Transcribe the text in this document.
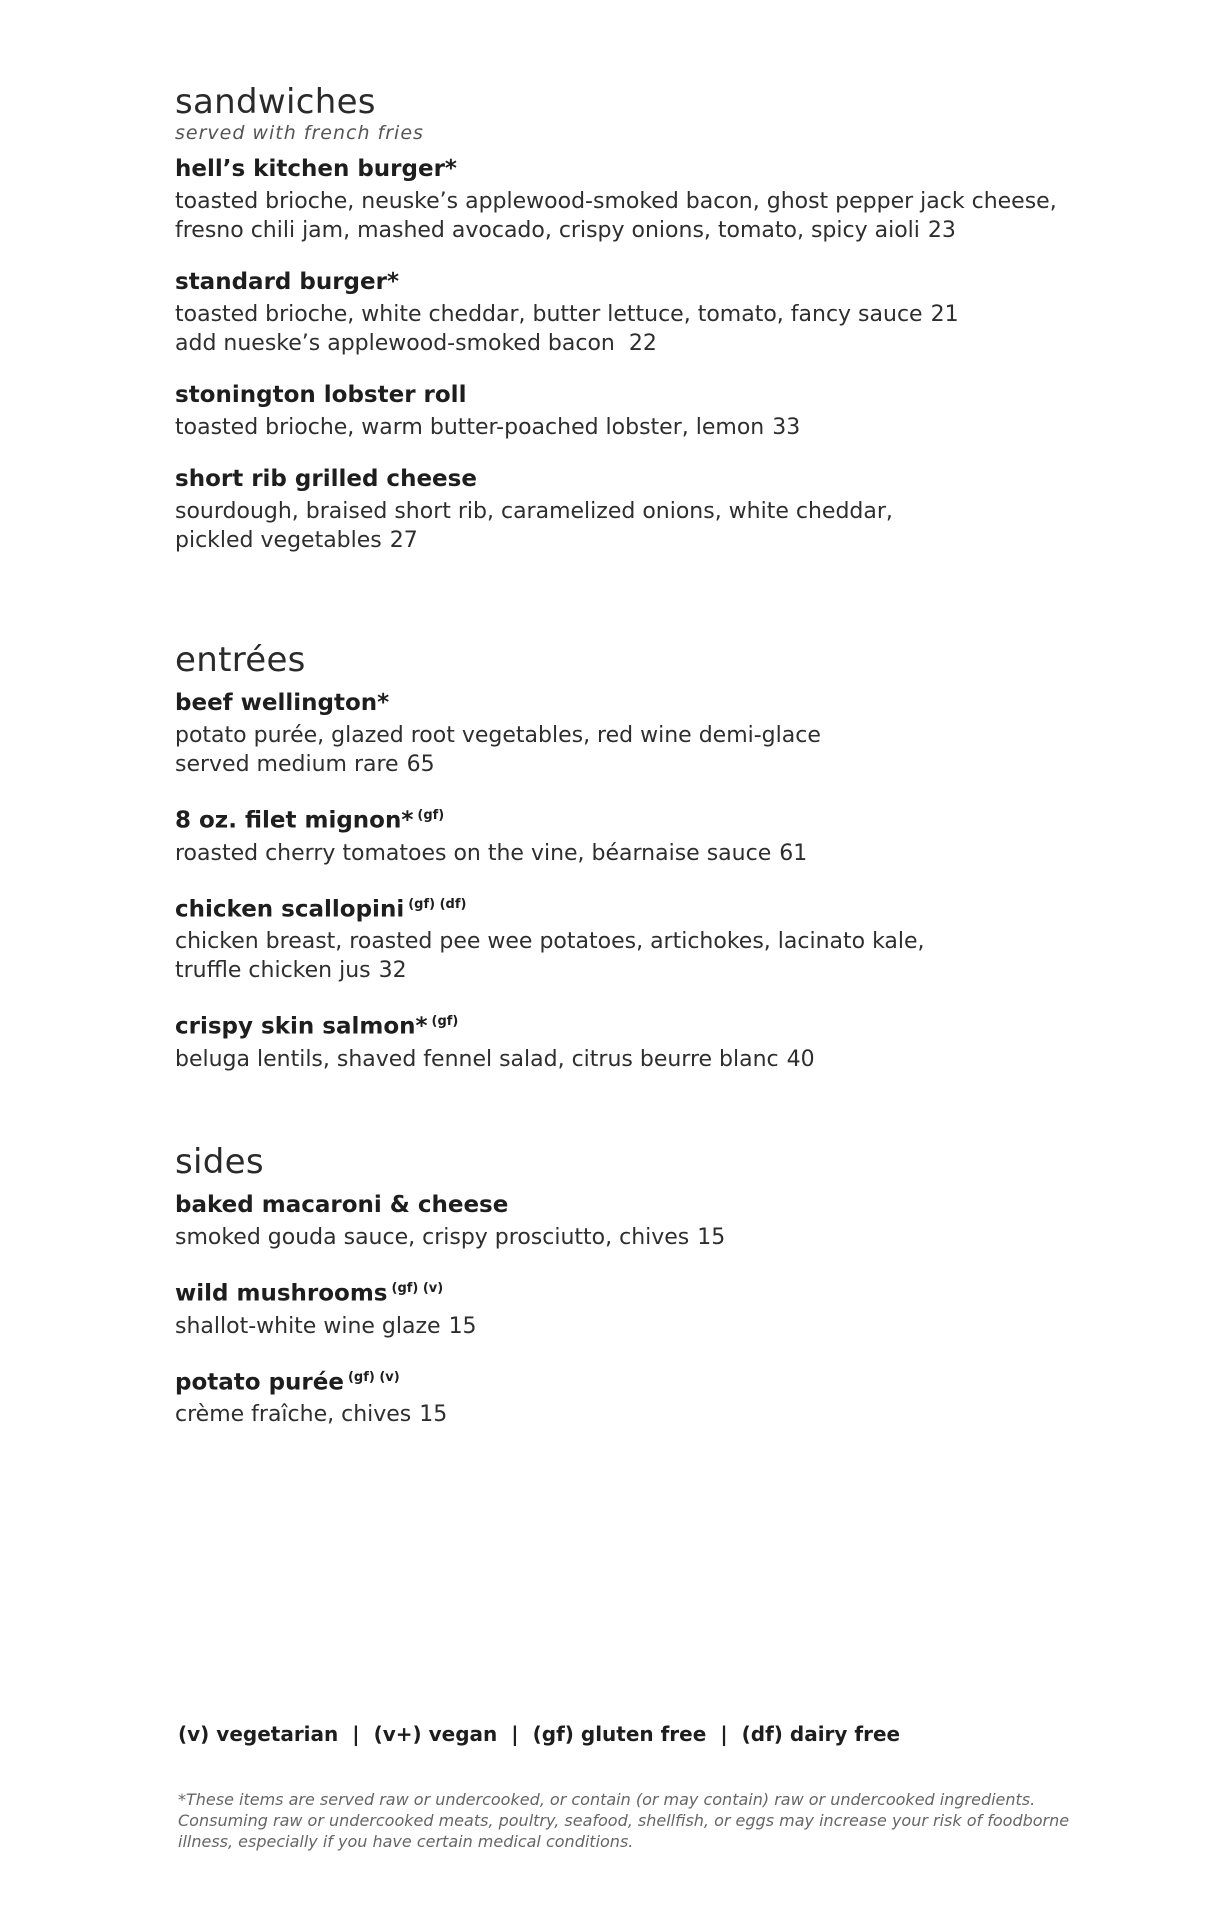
sandwiches

served with french fries

hell’s kitchen burger*

toasted brioche, neuske’s applewood-smoked bacon, ghost pepper jack cheese,
fresno chili jam, mashed avocado, crispy onions, tomato, spicy aioli 23

standard burger*

toasted brioche, white cheddar, butter lettuce, tomato, fancy sauce 21
add nueske’s applewood-smoked bacon  22

stonington lobster roll

toasted brioche, warm butter-poached lobster, lemon 33

short rib grilled cheese

sourdough, braised short rib, caramelized onions, white cheddar,
pickled vegetables 27

entrées

beef wellington*

potato purée, glazed root vegetables, red wine demi-glace
served medium rare 65

8 oz. filet mignon* $^{(gf)}$

roasted cherry tomatoes on the vine, béarnaise sauce 61

chicken scallopini $^{(gf) (df)}$

chicken breast, roasted pee wee potatoes, artichokes, lacinato kale,
truffle chicken jus 32

crispy skin salmon* $^{(gf)}$

beluga lentils, shaved fennel salad, citrus beurre blanc 40

sides

baked macaroni & cheese

smoked gouda sauce, crispy prosciutto, chives 15

wild mushrooms $^{(gf) (v)}$

shallot-white wine glaze 15

potato purée $^{(gf) (v)}$

crème fraîche, chives 15

(v) vegetarian | (v+) vegan | (gf) gluten free | (df) dairy free

*These items are served raw or undercooked, or contain (or may contain) raw or undercooked ingredients. Consuming raw or undercooked meats, poultry, seafood, shellfish, or eggs may increase your risk of foodborne illness, especially if you have certain medical conditions.
